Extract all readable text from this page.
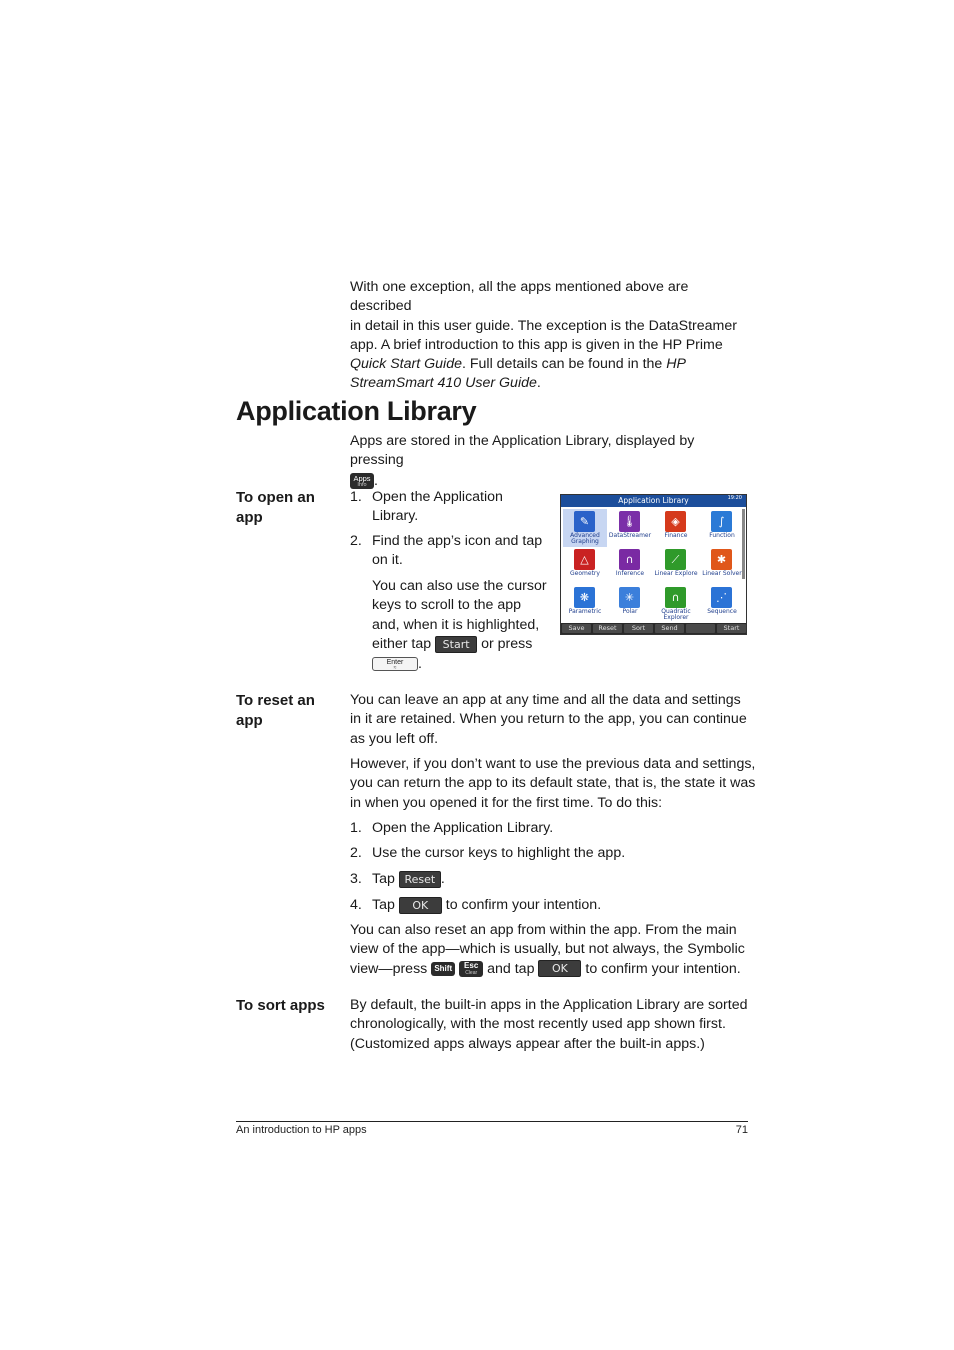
With one exception, all the apps mentioned above are described
in detail in this user guide. The exception is the DataStreamer
app. A brief introduction to this app is given in the HP Prime
Quick Start Guide. Full details can be found in the HP
StreamSmart 410 User Guide.
Application Library
Apps are stored in the Application Library, displayed by pressing
Apps
Info .
To open an
app
1. Open the Application
Library.
2. Find the app’s icon and tap
on it.
You can also use the cursor
keys to scroll to the app
and, when it is highlighted,
either tap Start or press
Enter
≈	.
Application Library	19:20
✎
Advanced
Graphing
🌡
DataStreamer
◈
Finance
∫
Function
△
Geometry
∩
Inference
⟋
Linear Explore
✱
Linear Solver
❋
Parametric
✳
Polar
∩
Quadratic
Explorer
⋰
Sequence
Save	Reset	Sort	Send	Start
To reset an
app
You can leave an app at any time and all the data and settings
in it are retained. When you return to the app, you can continue
as you left off.
However, if you don’t want to use the previous data and settings,
you can return the app to its default state, that is, the state it was
in when you opened it for the first time. To do this:
1. Open the Application Library.
2. Use the cursor keys to highlight the app.
3. Tap Reset .
4. Tap OK to confirm your intention.
You can also reset an app from within the app. From the main
view of the app—which is usually, but not always, the Symbolic
view—press Shift	Esc
Clear and tap OK to confirm your intention.
To sort apps By default, the built-in apps in the Application Library are sorted
chronologically, with the most recently used app shown first.
(Customized apps always appear after the built-in apps.)
An introduction to HP apps	71
